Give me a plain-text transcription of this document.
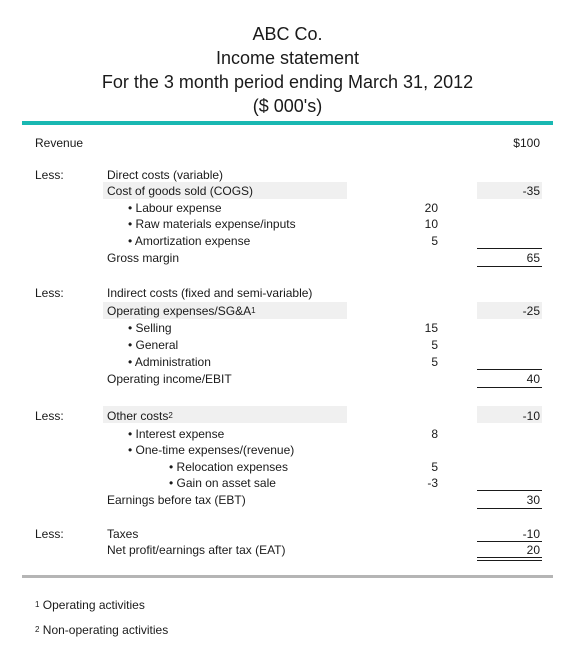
ABC Co.
Income statement
For the 3 month period ending March 31, 2012
($ 000's)
Revenue	$100
Less:	Direct costs (variable)
Cost of goods sold (COGS)	-35
• Labour expense	20
• Raw materials expense/inputs	10
• Amortization expense	5
Gross margin	65
Less:	Indirect costs (fixed and semi-variable)
Operating expenses/$SG\&A^1$	-25
• Selling	15
• General	5
• Administration	5
Operating income/EBIT	40
Less:	Other costs$^2$	-10
• Interest expense	8
• One-time expenses/(revenue)
• Relocation expenses	5
• Gain on asset sale	-3
Earnings before tax (EBT)	30
Less:	Taxes	-10
Net profit/earnings after tax (EAT)	20
$^1$ Operating activities
$^2$ Non-operating activities
